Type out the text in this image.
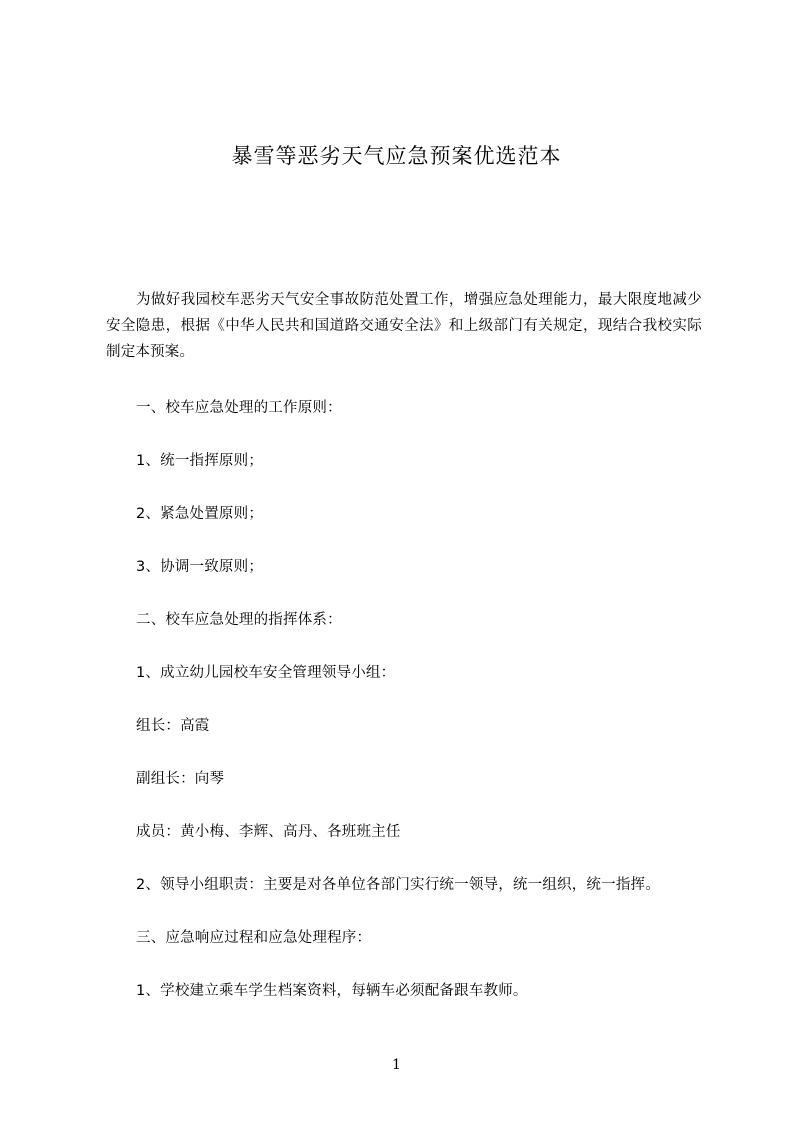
暴雪等恶劣天气应急预案优选范本
为做好我园校车恶劣天气安全事故防范处置工作，增强应急处理能力，最大限度地减少安全隐患，根据《中华人民共和国道路交通安全法》和上级部门有关规定，现结合我校实际制定本预案。
一、校车应急处理的工作原则：
1、统一指挥原则；
2、紧急处置原则；
3、协调一致原则；
二、校车应急处理的指挥体系：
1、成立幼儿园校车安全管理领导小组：
组长：高霞
副组长：向琴
成员：黄小梅、李辉、高丹、各班班主任
2、领导小组职责：主要是对各单位各部门实行统一领导，统一组织，统一指挥。
三、应急响应过程和应急处理程序：
1、学校建立乘车学生档案资料，每辆车必须配备跟车教师。
1
